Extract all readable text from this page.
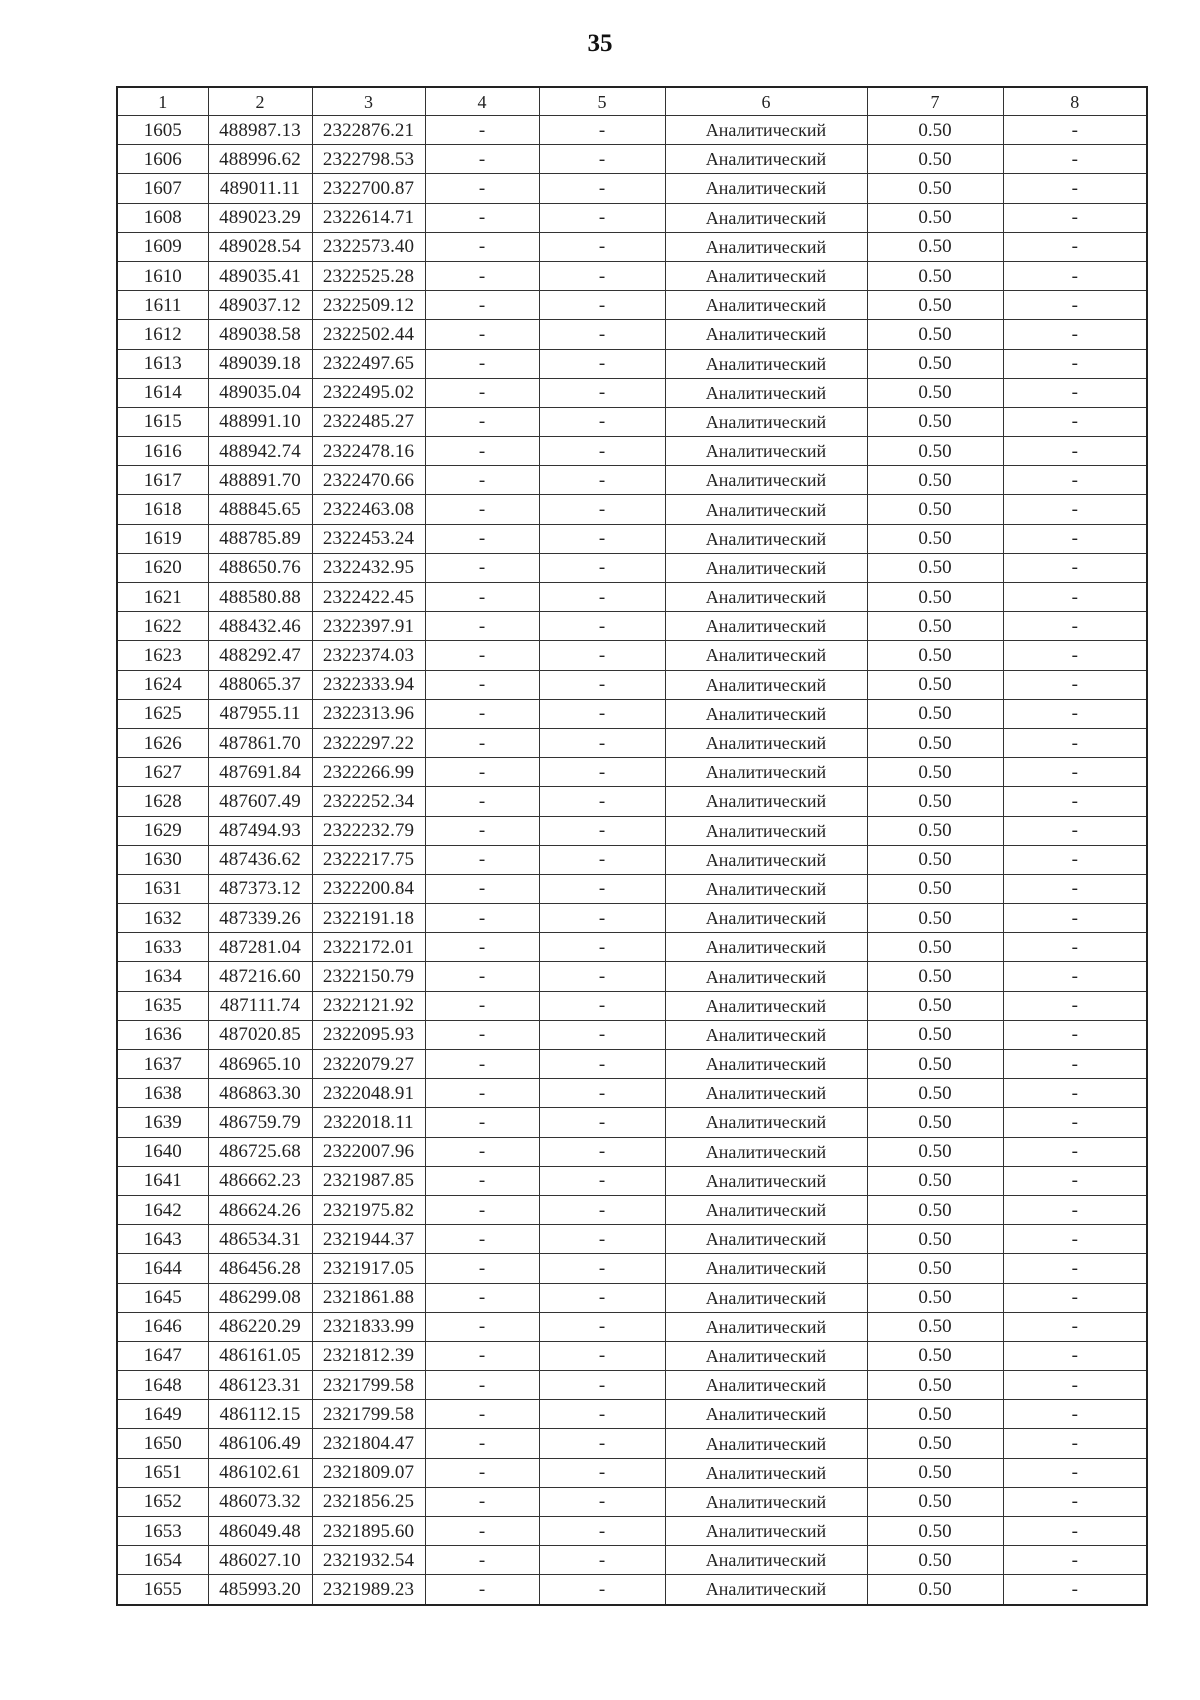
35
1	2	3	4	5	6	7	8
1605	488987.13	2322876.21	-	-	Аналитический	0.50	-
1606	488996.62	2322798.53	-	-	Аналитический	0.50	-
1607	489011.11	2322700.87	-	-	Аналитический	0.50	-
1608	489023.29	2322614.71	-	-	Аналитический	0.50	-
1609	489028.54	2322573.40	-	-	Аналитический	0.50	-
1610	489035.41	2322525.28	-	-	Аналитический	0.50	-
1611	489037.12	2322509.12	-	-	Аналитический	0.50	-
1612	489038.58	2322502.44	-	-	Аналитический	0.50	-
1613	489039.18	2322497.65	-	-	Аналитический	0.50	-
1614	489035.04	2322495.02	-	-	Аналитический	0.50	-
1615	488991.10	2322485.27	-	-	Аналитический	0.50	-
1616	488942.74	2322478.16	-	-	Аналитический	0.50	-
1617	488891.70	2322470.66	-	-	Аналитический	0.50	-
1618	488845.65	2322463.08	-	-	Аналитический	0.50	-
1619	488785.89	2322453.24	-	-	Аналитический	0.50	-
1620	488650.76	2322432.95	-	-	Аналитический	0.50	-
1621	488580.88	2322422.45	-	-	Аналитический	0.50	-
1622	488432.46	2322397.91	-	-	Аналитический	0.50	-
1623	488292.47	2322374.03	-	-	Аналитический	0.50	-
1624	488065.37	2322333.94	-	-	Аналитический	0.50	-
1625	487955.11	2322313.96	-	-	Аналитический	0.50	-
1626	487861.70	2322297.22	-	-	Аналитический	0.50	-
1627	487691.84	2322266.99	-	-	Аналитический	0.50	-
1628	487607.49	2322252.34	-	-	Аналитический	0.50	-
1629	487494.93	2322232.79	-	-	Аналитический	0.50	-
1630	487436.62	2322217.75	-	-	Аналитический	0.50	-
1631	487373.12	2322200.84	-	-	Аналитический	0.50	-
1632	487339.26	2322191.18	-	-	Аналитический	0.50	-
1633	487281.04	2322172.01	-	-	Аналитический	0.50	-
1634	487216.60	2322150.79	-	-	Аналитический	0.50	-
1635	487111.74	2322121.92	-	-	Аналитический	0.50	-
1636	487020.85	2322095.93	-	-	Аналитический	0.50	-
1637	486965.10	2322079.27	-	-	Аналитический	0.50	-
1638	486863.30	2322048.91	-	-	Аналитический	0.50	-
1639	486759.79	2322018.11	-	-	Аналитический	0.50	-
1640	486725.68	2322007.96	-	-	Аналитический	0.50	-
1641	486662.23	2321987.85	-	-	Аналитический	0.50	-
1642	486624.26	2321975.82	-	-	Аналитический	0.50	-
1643	486534.31	2321944.37	-	-	Аналитический	0.50	-
1644	486456.28	2321917.05	-	-	Аналитический	0.50	-
1645	486299.08	2321861.88	-	-	Аналитический	0.50	-
1646	486220.29	2321833.99	-	-	Аналитический	0.50	-
1647	486161.05	2321812.39	-	-	Аналитический	0.50	-
1648	486123.31	2321799.58	-	-	Аналитический	0.50	-
1649	486112.15	2321799.58	-	-	Аналитический	0.50	-
1650	486106.49	2321804.47	-	-	Аналитический	0.50	-
1651	486102.61	2321809.07	-	-	Аналитический	0.50	-
1652	486073.32	2321856.25	-	-	Аналитический	0.50	-
1653	486049.48	2321895.60	-	-	Аналитический	0.50	-
1654	486027.10	2321932.54	-	-	Аналитический	0.50	-
1655	485993.20	2321989.23	-	-	Аналитический	0.50	-
